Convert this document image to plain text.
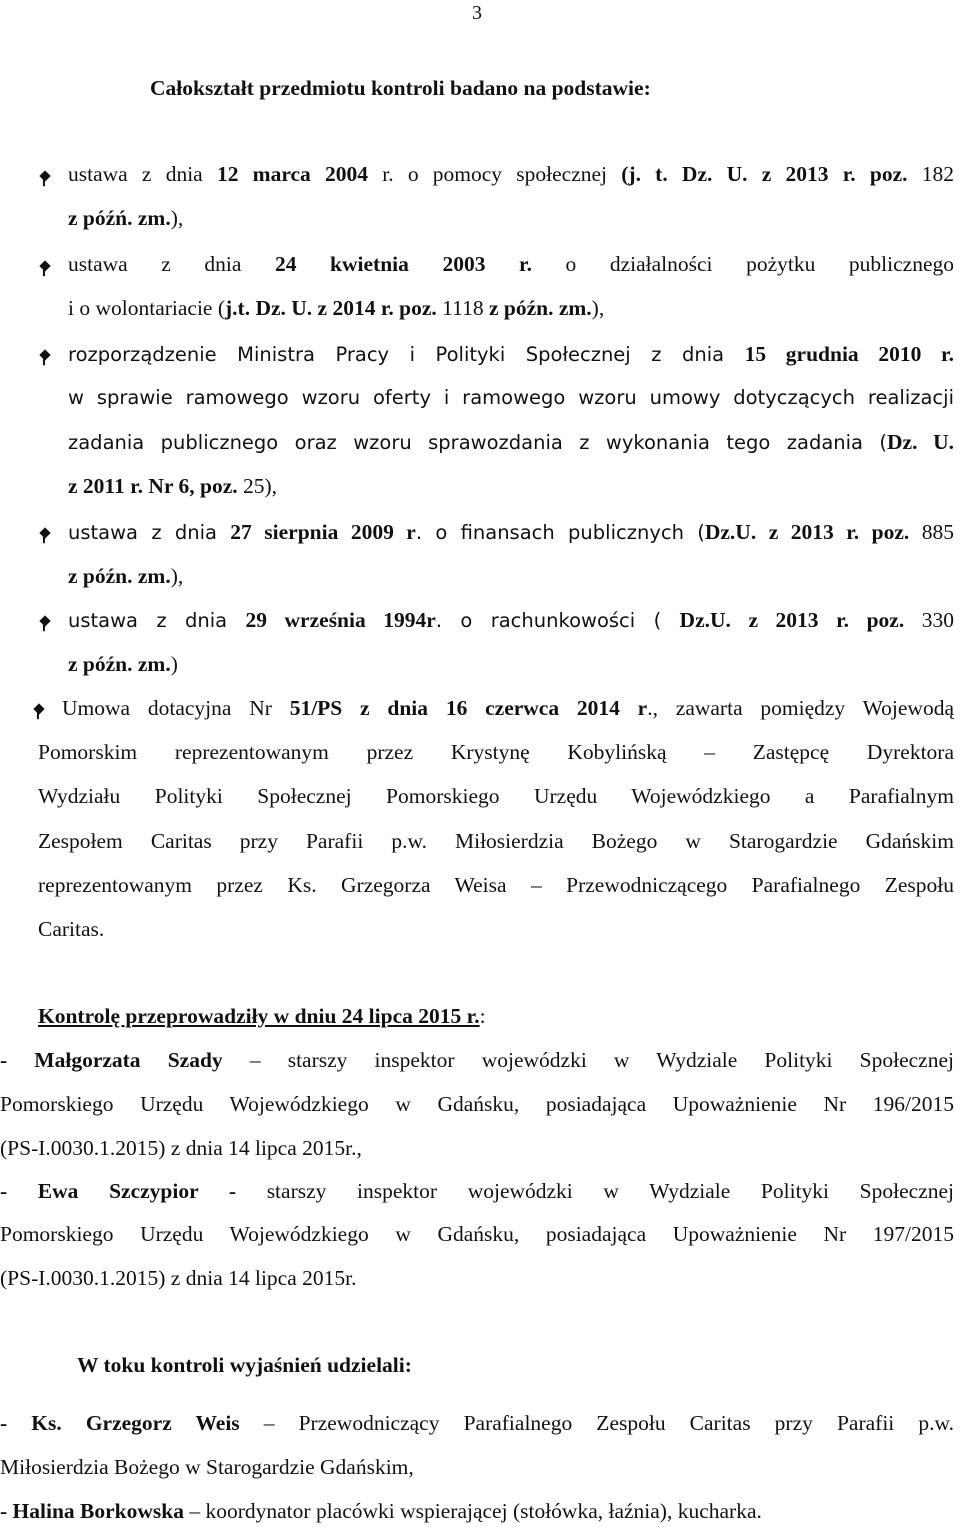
3
Całokształt przedmiotu kontroli badano na podstawie:
ustawa z dnia 12 marca 2004 r. o pomocy społecznej (j. t. Dz. U. z 2013 r. poz. 182
z późń. zm.),
ustawa z dnia 24 kwietnia 2003 r. o działalności pożytku publicznego
i o wolontariacie (j.t. Dz. U. z 2014 r. poz. 1118 z późn. zm.),
rozporządzenie Ministra Pracy i Polityki Społecznej z dnia 15 grudnia 2010 r.
w sprawie ramowego wzoru oferty i ramowego wzoru umowy dotyczących realizacji
zadania publicznego oraz wzoru sprawozdania z wykonania tego zadania (Dz. U.
z 2011 r. Nr 6, poz. 25),
ustawa z dnia 27 sierpnia 2009 r. o finansach publicznych (Dz.U. z 2013 r. poz. 885
z późn. zm.),
ustawa z dnia 29 września 1994r. o rachunkowości ( Dz.U. z 2013 r. poz. 330
z późn. zm.)
Umowa dotacyjna Nr 51/PS z dnia 16 czerwca 2014 r., zawarta pomiędzy Wojewodą
Pomorskim reprezentowanym przez Krystynę Kobylińską – Zastępcę Dyrektora
Wydziału Polityki Społecznej Pomorskiego Urzędu Wojewódzkiego a Parafialnym
Zespołem Caritas przy Parafii p.w. Miłosierdzia Bożego w Starogardzie Gdańskim
reprezentowanym przez Ks. Grzegorza Weisa – Przewodniczącego Parafialnego Zespołu
Caritas.
Kontrolę przeprowadziły w dniu 24 lipca 2015 r.:
- Małgorzata Szady – starszy inspektor wojewódzki w Wydziale Polityki Społecznej
Pomorskiego Urzędu Wojewódzkiego w Gdańsku, posiadająca Upoważnienie Nr 196/2015
(PS-I.0030.1.2015) z dnia 14 lipca 2015r.,
- Ewa Szczypior - starszy inspektor wojewódzki w Wydziale Polityki Społecznej
Pomorskiego Urzędu Wojewódzkiego w Gdańsku, posiadająca Upoważnienie Nr 197/2015
(PS-I.0030.1.2015) z dnia 14 lipca 2015r.
W toku kontroli wyjaśnień udzielali:
- Ks. Grzegorz Weis – Przewodniczący Parafialnego Zespołu Caritas przy Parafii p.w.
Miłosierdzia Bożego w Starogardzie Gdańskim,
- Halina Borkowska – koordynator placówki wspierającej (stołówka, łaźnia), kucharka.
